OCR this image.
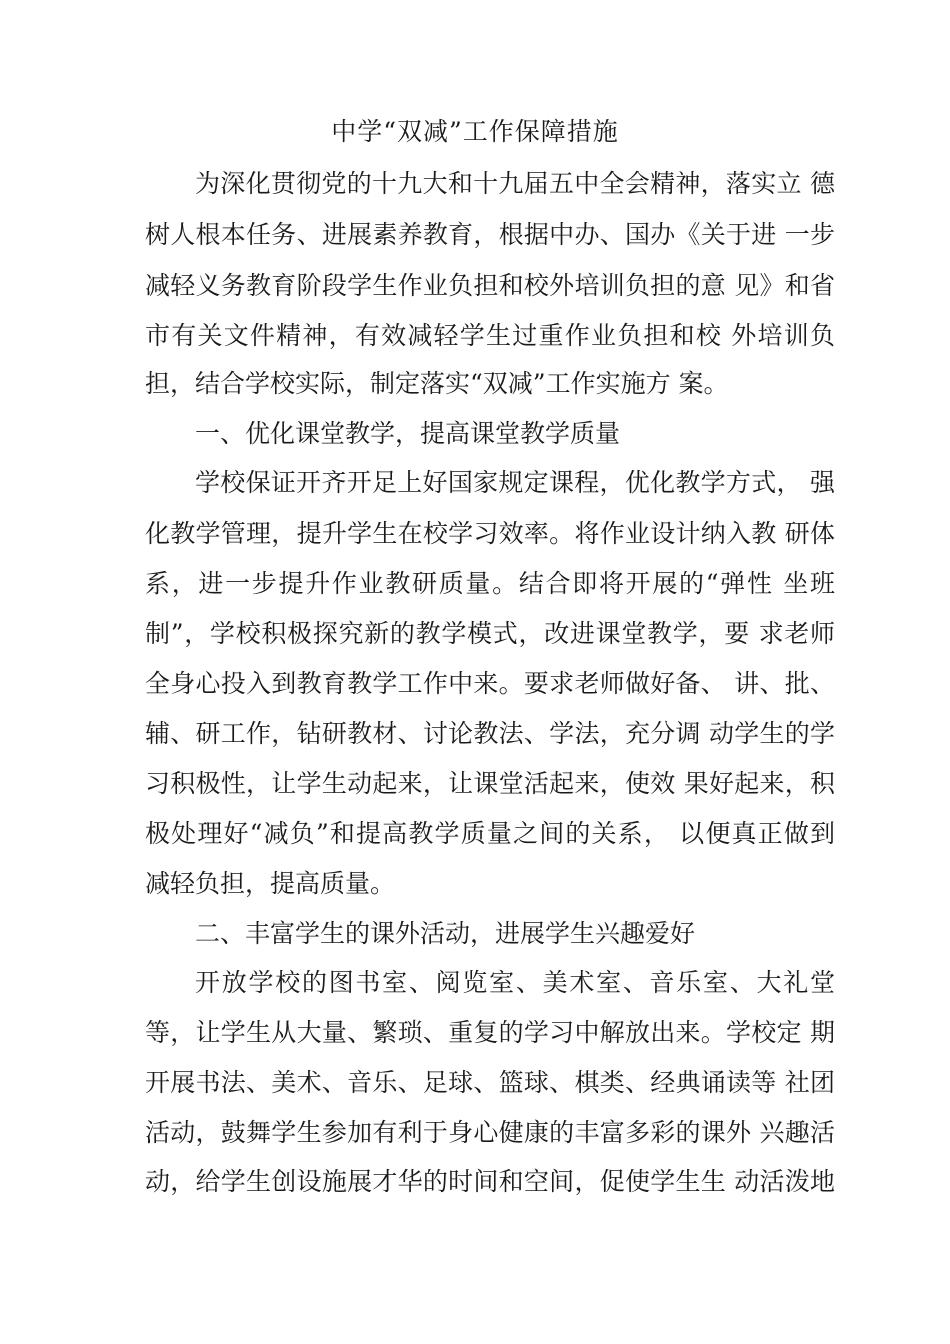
中学“双减”工作保障措施
为深化贯彻党的十九大和十九届五中全会精神，落实立 德
树人根本任务、进展素养教育，根据中办、国办《关于进 一步
减轻义务教育阶段学生作业负担和校外培训负担的意 见》和省
市有关文件精神，有效减轻学生过重作业负担和校 外培训负
担，结合学校实际，制定落实“双减”工作实施方 案。
一、优化课堂教学，提高课堂教学质量
学校保证开齐开足上好国家规定课程，优化教学方式， 强
化教学管理，提升学生在校学习效率。将作业设计纳入教 研体
系，进一步提升作业教研质量。结合即将开展的“弹性 坐班
制”，学校积极探究新的教学模式，改进课堂教学，要 求老师
全身心投入到教育教学工作中来。要求老师做好备、 讲、批、
辅、研工作，钻研教材、讨论教法、学法，充分调 动学生的学
习积极性，让学生动起来，让课堂活起来，使效 果好起来，积
极处理好“减负”和提高教学质量之间的关系， 以便真正做到
减轻负担，提高质量。
二、丰富学生的课外活动，进展学生兴趣爱好
开放学校的图书室、阅览室、美术室、音乐室、大礼堂
等，让学生从大量、繁琐、重复的学习中解放出来。学校定 期
开展书法、美术、音乐、足球、篮球、棋类、经典诵读等 社团
活动，鼓舞学生参加有利于身心健康的丰富多彩的课外 兴趣活
动，给学生创设施展才华的时间和空间，促使学生生 动活泼地
